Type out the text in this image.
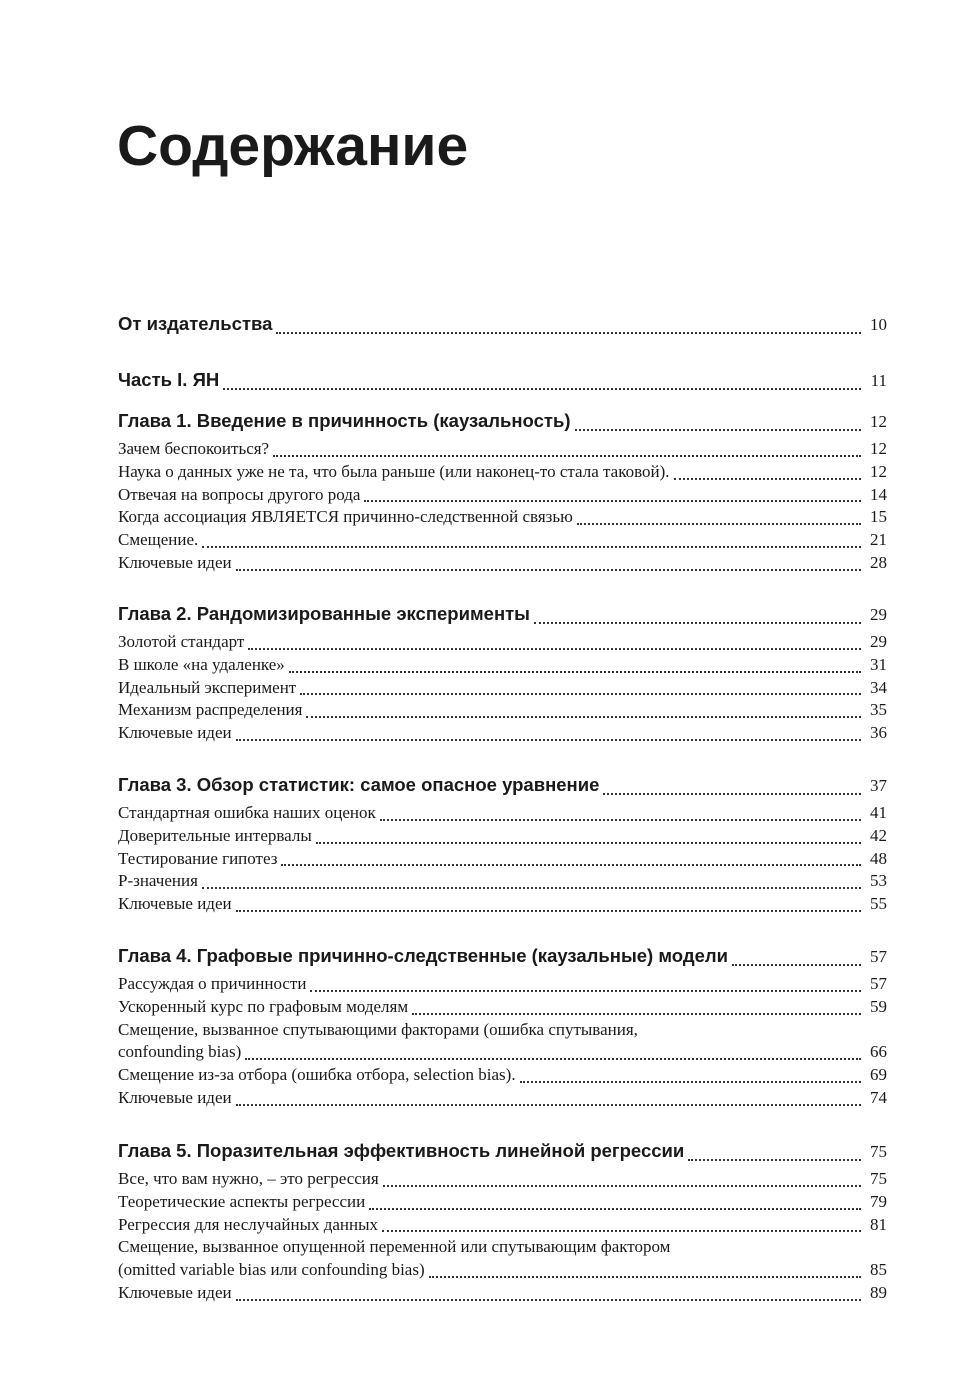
Содержание
От издательства	10
Часть I. ЯН	11
Глава 1. Введение в причинность (каузальность)	12
Зачем беспокоиться?	12
Наука о данных уже не та, что была раньше (или наконец-то стала таковой).	12
Отвечая на вопросы другого рода	14
Когда ассоциация ЯВЛЯЕТСЯ причинно-следственной связью	15
Смещение.	21
Ключевые идеи	28
Глава 2. Рандомизированные эксперименты	29
Золотой стандарт	29
В школе «на удаленке»	31
Идеальный эксперимент	34
Механизм распределения	35
Ключевые идеи	36
Глава 3. Обзор статистик: самое опасное уравнение	37
Стандартная ошибка наших оценок	41
Доверительные интервалы	42
Тестирование гипотез	48
P-значения	53
Ключевые идеи	55
Глава 4. Графовые причинно-следственные (каузальные) модели	57
Рассуждая о причинности	57
Ускоренный курс по графовым моделям	59
Смещение, вызванное спутывающими факторами (ошибка спутывания,
confounding bias)	66
Смещение из-за отбора (ошибка отбора, selection bias).	69
Ключевые идеи	74
Глава 5. Поразительная эффективность линейной регрессии	75
Все, что вам нужно, – это регрессия	75
Теоретические аспекты регрессии	79
Регрессия для неслучайных данных	81
Смещение, вызванное опущенной переменной или спутывающим фактором
(omitted variable bias или confounding bias)	85
Ключевые идеи	89
